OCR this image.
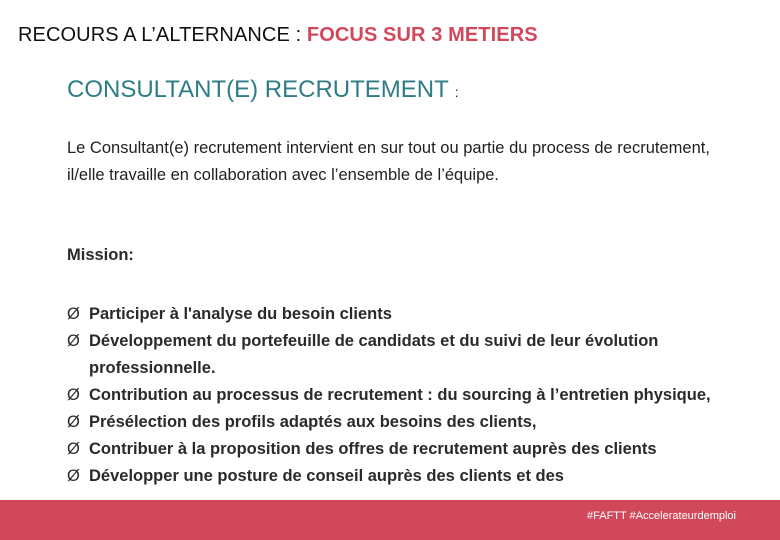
RECOURS A L’ALTERNANCE : FOCUS SUR 3 METIERS
CONSULTANT(E) RECRUTEMENT :
Le Consultant(e) recrutement intervient en sur tout ou partie du process de recrutement, il/elle travaille en collaboration avec l’ensemble de l’équipe.
Mission:
Ø Participer à l'analyse du besoin clients
Ø Développement du portefeuille de candidats et du suivi de leur évolution professionnelle.
Ø Contribution au processus de recrutement : du sourcing à l’entretien physique,
Ø Présélection des profils adaptés aux besoins des clients,
Ø Contribuer à la proposition des offres de recrutement auprès des clients
Ø Développer une posture de conseil auprès des clients et des
#FAFTT #Accelerateurdemploi
